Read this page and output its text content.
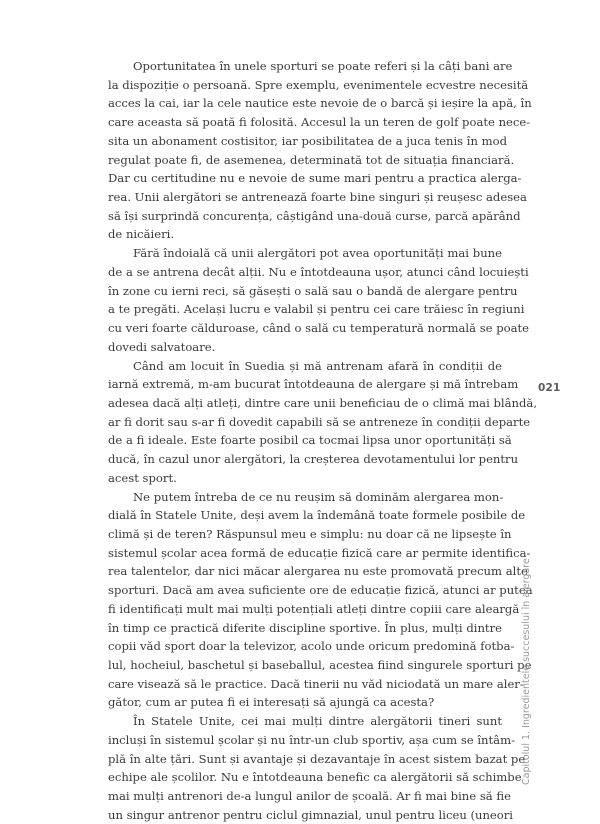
Oportunitatea în unele sporturi se poate referi și la câți bani are
la dispoziție o persoană. Spre exemplu, evenimentele ecvestre necesită
acces la cai, iar la cele nautice este nevoie de o barcă și ieșire la apă, în
care aceasta să poată fi folosită. Accesul la un teren de golf poate nece-
sita un abonament costisitor, iar posibilitatea de a juca tenis în mod
regulat poate fi, de asemenea, determinată tot de situația financiară.
Dar cu certitudine nu e nevoie de sume mari pentru a practica alerga-
rea. Unii alergători se antrenează foarte bine singuri și reușesc adesea
să își surprindă concurența, câștigând una-două curse, parcă apărând
de nicăieri.
Fără îndoială că unii alergători pot avea oportunități mai bune
de a se antrena decât alții. Nu e întotdeauna ușor, atunci când locuiești
în zone cu ierni reci, să găsești o sală sau o bandă de alergare pentru
a te pregăti. Același lucru e valabil și pentru cei care trăiesc în regiuni
cu veri foarte călduroase, când o sală cu temperatură normală se poate
dovedi salvatoare.
Când am locuit în Suedia și mă antrenam afară în condiții de
iarnă extremă, m-am bucurat întotdeauna de alergare și mă întrebam
adesea dacă alți atleți, dintre care unii beneficiau de o climă mai blândă,
ar fi dorit sau s-ar fi dovedit capabili să se antreneze în condiții departe
de a fi ideale. Este foarte posibil ca tocmai lipsa unor oportunități să
ducă, în cazul unor alergători, la creșterea devotamentului lor pentru
acest sport.
Ne putem întreba de ce nu reușim să dominăm alergarea mon-
dială în Statele Unite, deși avem la îndemână toate formele posibile de
climă și de teren? Răspunsul meu e simplu: nu doar că ne lipsește în
sistemul școlar acea formă de educație fizică care ar permite identifica-
rea talentelor, dar nici măcar alergarea nu este promovată precum alte
sporturi. Dacă am avea suficiente ore de educație fizică, atunci ar putea
fi identificați mult mai mulți potențiali atleți dintre copiii care aleargă
în timp ce practică diferite discipline sportive. În plus, mulți dintre
copii văd sport doar la televizor, acolo unde oricum predomină fotba-
lul, hocheiul, baschetul și baseballul, acestea fiind singurele sporturi pe
care visează să le practice. Dacă tinerii nu văd niciodată un mare aler-
gător, cum ar putea fi ei interesați să ajungă ca acesta?
În Statele Unite, cei mai mulți dintre alergătorii tineri sunt
incluși în sistemul școlar și nu într-un club sportiv, așa cum se întâm-
plă în alte țări. Sunt și avantaje și dezavantaje în acest sistem bazat pe
echipe ale școlilor. Nu e întotdeauna benefic ca alergătorii să schimbe
mai mulți antrenori de-a lungul anilor de școală. Ar fi mai bine să fie
un singur antrenor pentru ciclul gimnazial, unul pentru liceu (uneori
021
Capitolul 1. Ingredientele succesului în alergare
